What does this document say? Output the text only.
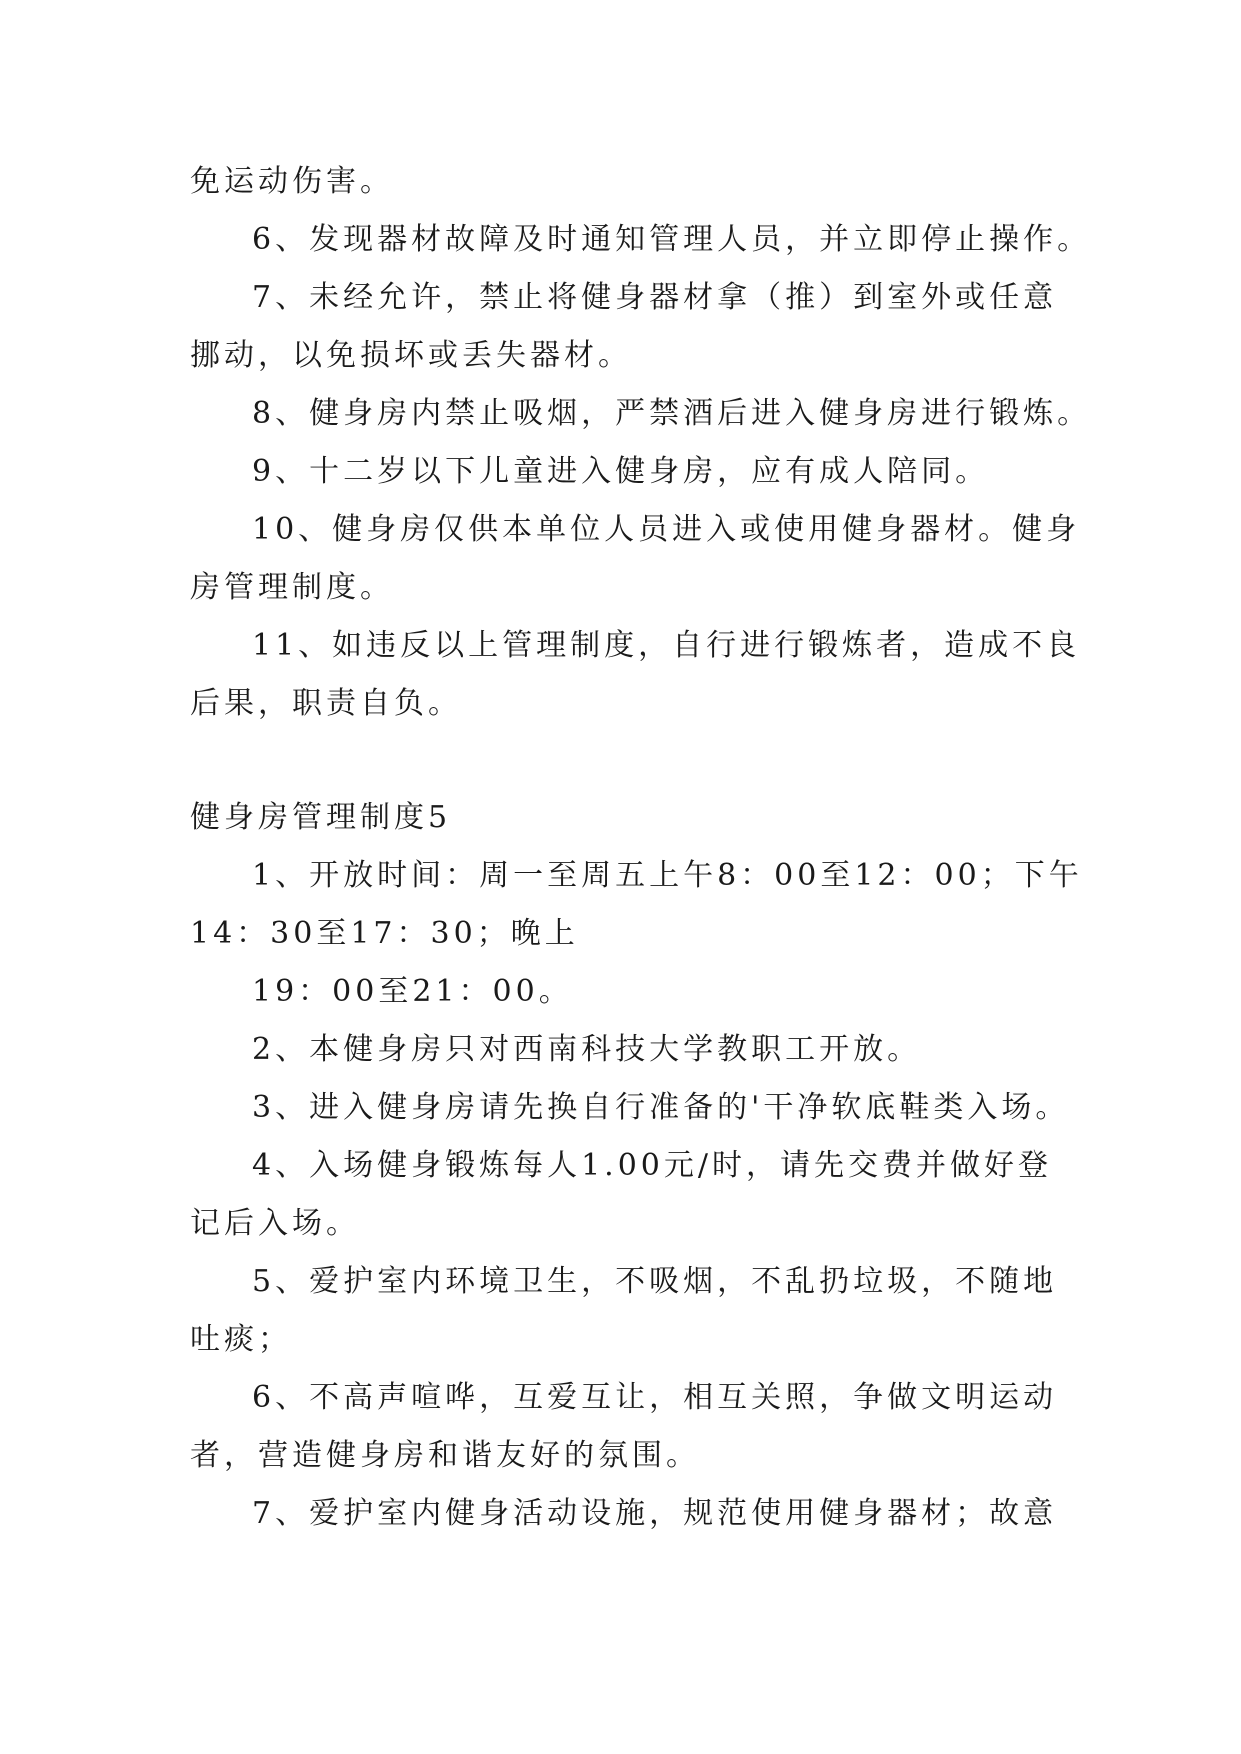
免运动伤害。
6、发现器材故障及时通知管理人员，并立即停止操作。
7、未经允许，禁止将健身器材拿（推）到室外或任意
挪动，以免损坏或丢失器材。
8、健身房内禁止吸烟，严禁酒后进入健身房进行锻炼。
9、十二岁以下儿童进入健身房，应有成人陪同。
10、健身房仅供本单位人员进入或使用健身器材。健身
房管理制度。
11、如违反以上管理制度，自行进行锻炼者，造成不良
后果，职责自负。
健身房管理制度5
1、开放时间：周一至周五上午8：00至12：00；下午
14：30至17：30；晚上
19：00至21：00。
2、本健身房只对西南科技大学教职工开放。
3、进入健身房请先换自行准备的'干净软底鞋类入场。
4、入场健身锻炼每人1.00元/时，请先交费并做好登
记后入场。
5、爱护室内环境卫生，不吸烟，不乱扔垃圾，不随地
吐痰；
6、不高声喧哗，互爱互让，相互关照，争做文明运动
者，营造健身房和谐友好的氛围。
7、爱护室内健身活动设施，规范使用健身器材；故意
